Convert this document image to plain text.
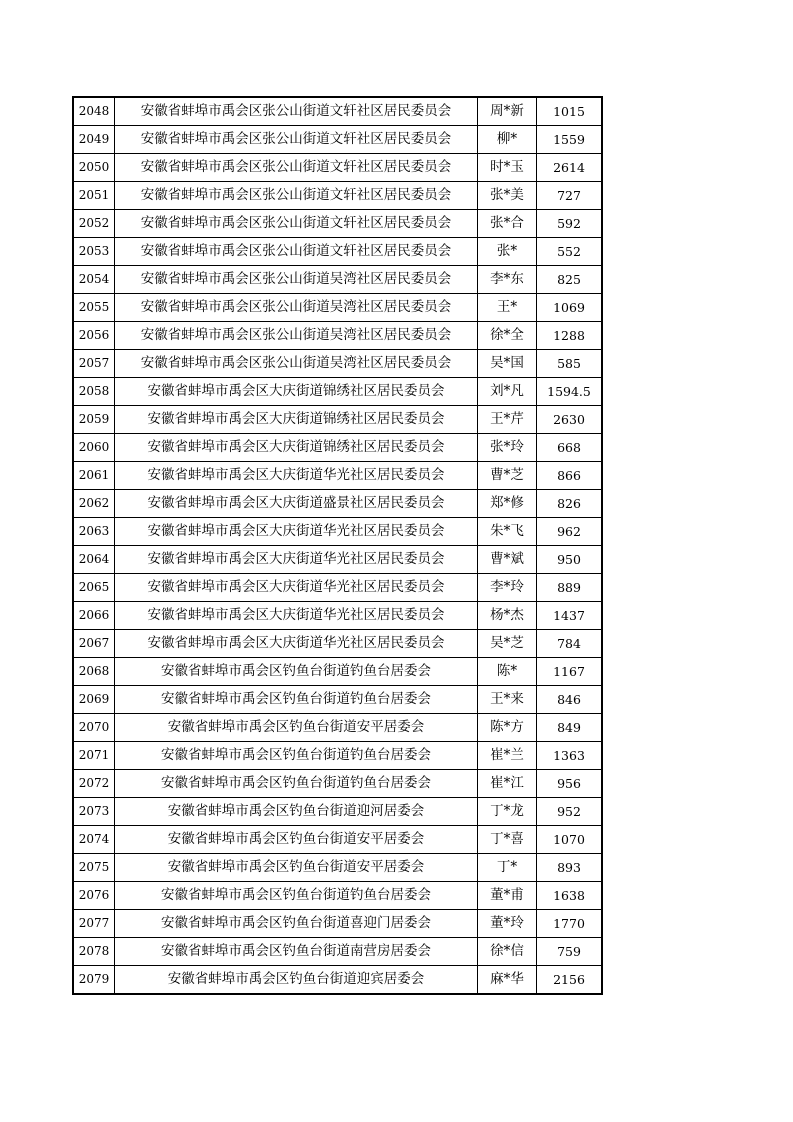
2048	安徽省蚌埠市禹会区张公山街道文轩社区居民委员会	周*新	1015
2049	安徽省蚌埠市禹会区张公山街道文轩社区居民委员会	柳*	1559
2050	安徽省蚌埠市禹会区张公山街道文轩社区居民委员会	时*玉	2614
2051	安徽省蚌埠市禹会区张公山街道文轩社区居民委员会	张*美	727
2052	安徽省蚌埠市禹会区张公山街道文轩社区居民委员会	张*合	592
2053	安徽省蚌埠市禹会区张公山街道文轩社区居民委员会	张*	552
2054	安徽省蚌埠市禹会区张公山街道吴湾社区居民委员会	李*东	825
2055	安徽省蚌埠市禹会区张公山街道吴湾社区居民委员会	王*	1069
2056	安徽省蚌埠市禹会区张公山街道吴湾社区居民委员会	徐*全	1288
2057	安徽省蚌埠市禹会区张公山街道吴湾社区居民委员会	吴*国	585
2058	安徽省蚌埠市禹会区大庆街道锦绣社区居民委员会	刘*凡	1594.5
2059	安徽省蚌埠市禹会区大庆街道锦绣社区居民委员会	王*芹	2630
2060	安徽省蚌埠市禹会区大庆街道锦绣社区居民委员会	张*玲	668
2061	安徽省蚌埠市禹会区大庆街道华光社区居民委员会	曹*芝	866
2062	安徽省蚌埠市禹会区大庆街道盛景社区居民委员会	郑*修	826
2063	安徽省蚌埠市禹会区大庆街道华光社区居民委员会	朱*飞	962
2064	安徽省蚌埠市禹会区大庆街道华光社区居民委员会	曹*斌	950
2065	安徽省蚌埠市禹会区大庆街道华光社区居民委员会	李*玲	889
2066	安徽省蚌埠市禹会区大庆街道华光社区居民委员会	杨*杰	1437
2067	安徽省蚌埠市禹会区大庆街道华光社区居民委员会	吴*芝	784
2068	安徽省蚌埠市禹会区钓鱼台街道钓鱼台居委会	陈*	1167
2069	安徽省蚌埠市禹会区钓鱼台街道钓鱼台居委会	王*来	846
2070	安徽省蚌埠市禹会区钓鱼台街道安平居委会	陈*方	849
2071	安徽省蚌埠市禹会区钓鱼台街道钓鱼台居委会	崔*兰	1363
2072	安徽省蚌埠市禹会区钓鱼台街道钓鱼台居委会	崔*江	956
2073	安徽省蚌埠市禹会区钓鱼台街道迎河居委会	丁*龙	952
2074	安徽省蚌埠市禹会区钓鱼台街道安平居委会	丁*喜	1070
2075	安徽省蚌埠市禹会区钓鱼台街道安平居委会	丁*	893
2076	安徽省蚌埠市禹会区钓鱼台街道钓鱼台居委会	董*甫	1638
2077	安徽省蚌埠市禹会区钓鱼台街道喜迎门居委会	董*玲	1770
2078	安徽省蚌埠市禹会区钓鱼台街道南营房居委会	徐*信	759
2079	安徽省蚌埠市禹会区钓鱼台街道迎宾居委会	麻*华	2156
